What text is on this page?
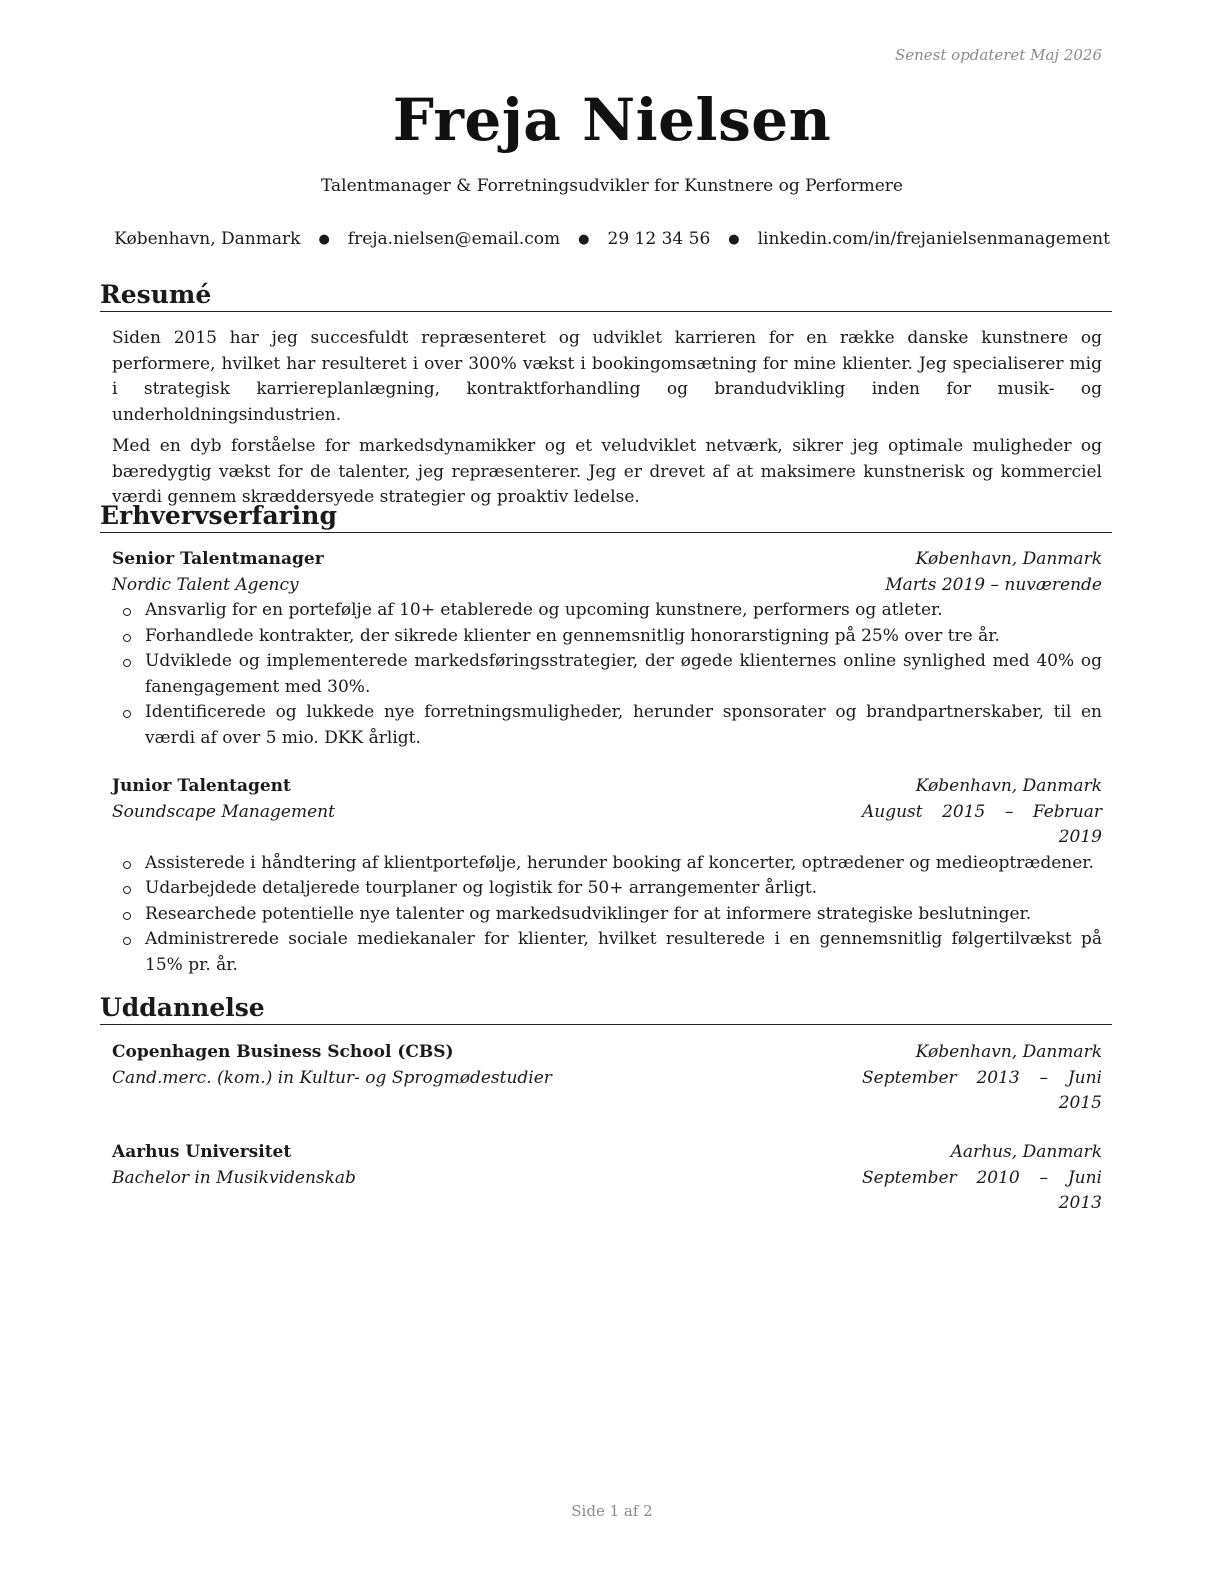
Senest opdateret Maj 2026
Freja Nielsen
Talentmanager & Forretningsudvikler for Kunstnere og Performere
København, Danmark ● freja.nielsen@email.com ● 29 12 34 56 ● linkedin.com/in/frejanielsenmanagement
Resumé

Siden 2015 har jeg succesfuldt repræsenteret og udviklet karrieren for en række danske kunstnere og performere, hvilket har resulteret i over 300% vækst i bookingomsætning for mine klienter. Jeg specialiserer mig i strategisk karriereplanlægning, kontraktforhandling og brandudvikling inden for musik- og underholdningsindustrien.

Med en dyb forståelse for markedsdynamikker og et veludviklet netværk, sikrer jeg optimale muligheder og bæredygtig vækst for de talenter, jeg repræsenterer. Jeg er drevet af at maksimere kunstnerisk og kommerciel værdi gennem skræddersyede strategier og proaktiv ledelse.

Erhvervserfaring
Senior Talentmanager	København, Danmark
Nordic Talent Agency	Marts 2019 – nuværende
Ansvarlig for en portefølje af 10+ etablerede og upcoming kunstnere, performers og atleter.
Forhandlede kontrakter, der sikrede klienter en gennemsnitlig honorarstigning på 25% over tre år.
Udviklede og implementerede markedsføringsstrategier, der øgede klienternes online synlighed med 40% og fanengagement med 30%.
Identificerede og lukkede nye forretningsmuligheder, herunder sponsorater og brandpartnerskaber, til en værdi af over 5 mio. DKK årligt.
Junior Talentagent	København, Danmark
Soundscape Management	August 2015 – Februar 2019
Assisterede i håndtering af klientportefølje, herunder booking af koncerter, optrædener og medieoptrædener.
Udarbejdede detaljerede tourplaner og logistik for 50+ arrangementer årligt.
Researchede potentielle nye talenter og markedsudviklinger for at informere strategiske beslutninger.
Administrerede sociale mediekanaler for klienter, hvilket resulterede i en gennemsnitlig følgertilvækst på 15% pr. år.
Uddannelse
Copenhagen Business School (CBS)	København, Danmark
Cand.merc. (kom.) in Kultur- og Sprogmødestudier	September 2013 – Juni 2015
Aarhus Universitet	Aarhus, Danmark
Bachelor in Musikvidenskab	September 2010 – Juni 2013
Side 1 af 2
